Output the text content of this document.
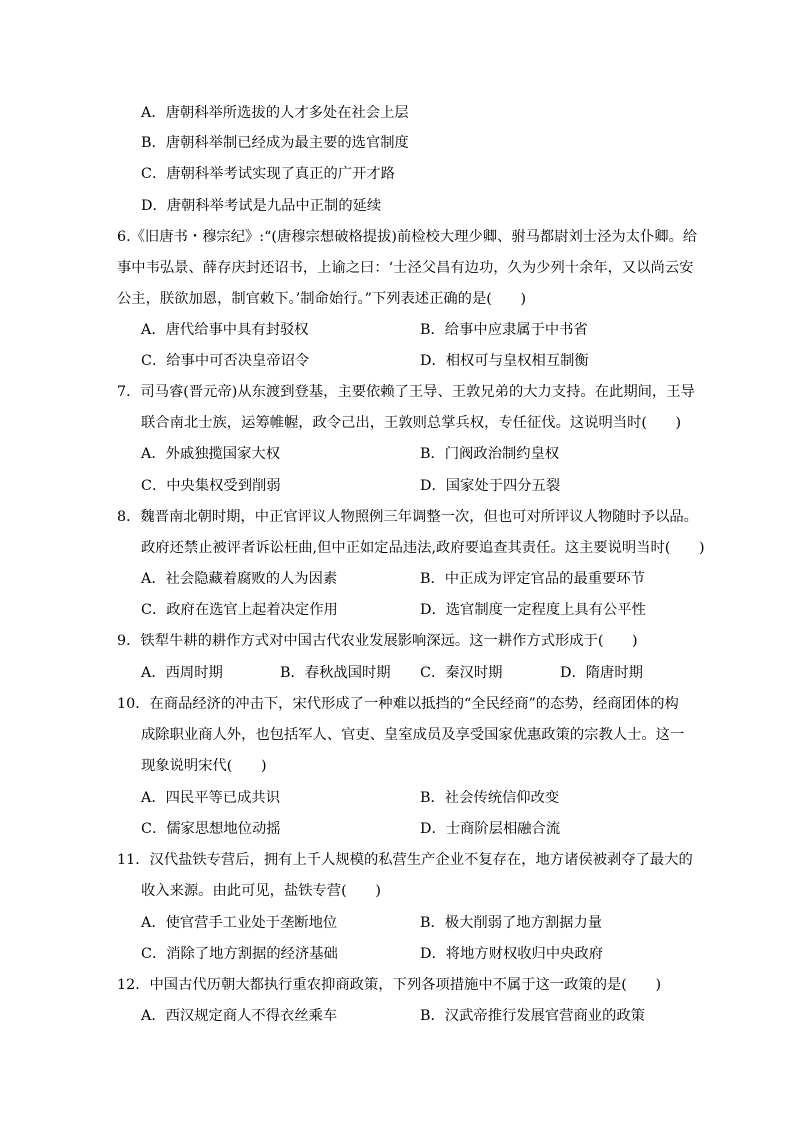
A．唐朝科举所选拔的人才多处在社会上层
B．唐朝科举制已经成为最主要的选官制度
C．唐朝科举考试实现了真正的广开才路
D．唐朝科举考试是九品中正制的延续
6.《旧唐书・穆宗纪》:“(唐穆宗想破格提拔)前检校大理少卿、驸马都尉刘士泾为太仆卿。给
事中韦弘景、薛存庆封还诏书，上谕之曰：‘士泾父昌有边功，久为少列十余年，又以尚云安
公主，朕欲加恩，制官敕下。’制命始行。”下列表述正确的是(　　)
A．唐代给事中具有封驳权	B．给事中应隶属于中书省
C．给事中可否决皇帝诏令	D．相权可与皇权相互制衡
7．司马睿(晋元帝)从东渡到登基，主要依赖了王导、王敦兄弟的大力支持。在此期间，王导
联合南北士族，运筹帷幄，政令己出，王敦则总掌兵权，专任征伐。这说明当时(　　)
A．外戚独揽国家大权	B．门阀政治制约皇权
C．中央集权受到削弱	D．国家处于四分五裂
8．魏晋南北朝时期，中正官评议人物照例三年调整一次，但也可对所评议人物随时予以品。
政府还禁止被评者诉讼枉曲,但中正如定品违法,政府要追查其责任。这主要说明当时(　　)
A．社会隐藏着腐败的人为因素	B．中正成为评定官品的最重要环节
C．政府在选官上起着决定作用	D．选官制度一定程度上具有公平性
9．铁犁牛耕的耕作方式对中国古代农业发展影响深远。这一耕作方式形成于(　　)
A．西周时期	B．春秋战国时期 C．秦汉时期	D．隋唐时期
10．在商品经济的冲击下，宋代形成了一种难以抵挡的“全民经商”的态势，经商团体的构
成除职业商人外，也包括军人、官吏、皇室成员及享受国家优惠政策的宗教人士。这一
现象说明宋代(　　)
A．四民平等已成共识	B．社会传统信仰改变
C．儒家思想地位动摇	D．士商阶层相融合流
11．汉代盐铁专营后，拥有上千人规模的私营生产企业不复存在，地方诸侯被剥夺了最大的
收入来源。由此可见，盐铁专营(　　)
A．使官营手工业处于垄断地位	B．极大削弱了地方割据力量
C．消除了地方割据的经济基础	D．将地方财权收归中央政府
12．中国古代历朝大都执行重农抑商政策，下列各项措施中不属于这一政策的是(　　)
A．西汉规定商人不得衣丝乘车	B．汉武帝推行发展官营商业的政策
